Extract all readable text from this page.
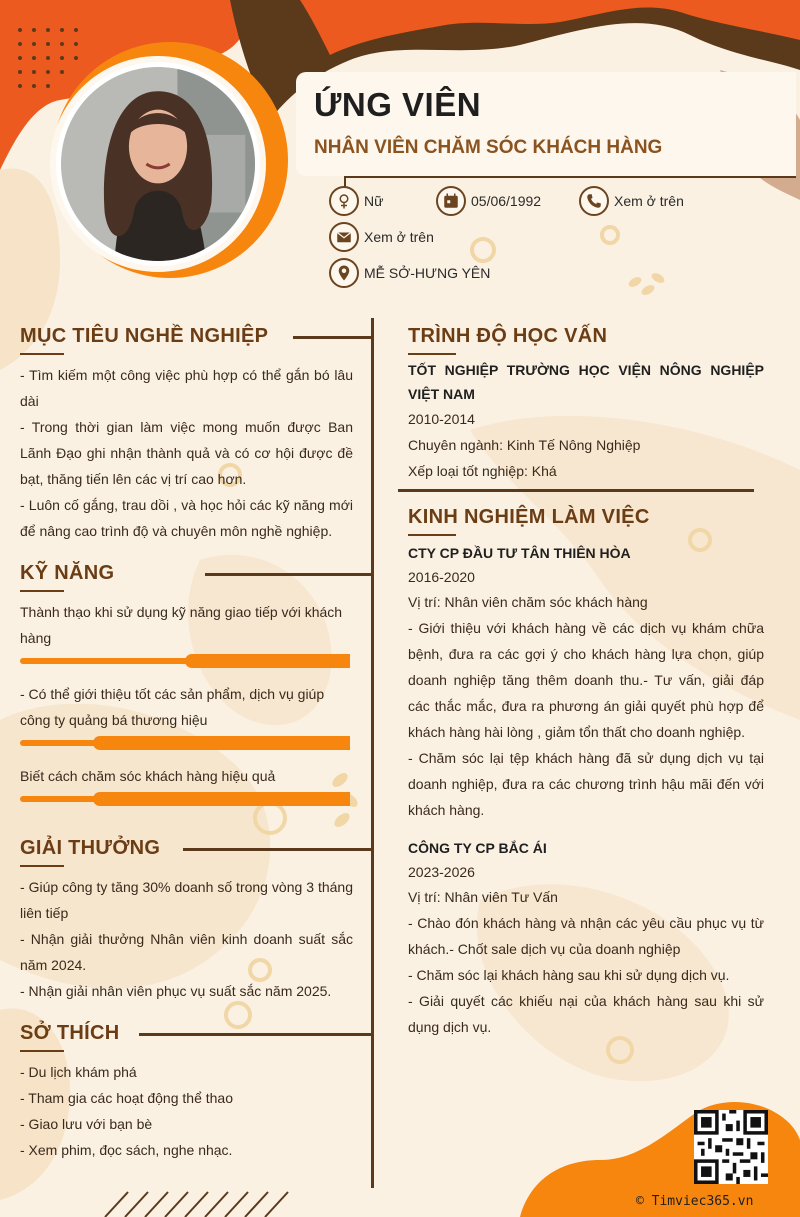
ỨNG VIÊN
NHÂN VIÊN CHĂM SÓC KHÁCH HÀNG
Nữ	05/06/1992	Xem ở trên
Xem ở trên
MỄ SỞ-HƯNG YÊN
MỤC TIÊU NGHỀ NGHIỆP

- Tìm kiếm một công việc phù hợp có thể gắn bó lâu dài

- Trong thời gian làm việc mong muốn được Ban Lãnh Đạo ghi nhận thành quả và có cơ hội được đề bạt, thăng tiến lên các vị trí cao hơn.

- Luôn cố gắng, trau dồi , và học hỏi các kỹ năng mới để nâng cao trình độ và chuyên môn nghề nghiệp.

KỸ NĂNG
Thành thạo khi sử dụng kỹ năng giao tiếp với khách hàng
- Có thể giới thiệu tốt các sản phẩm, dịch vụ giúp công ty quảng bá thương hiệu
Biết cách chăm sóc khách hàng hiệu quả
GIẢI THƯỞNG

- Giúp công ty tăng 30% doanh số trong vòng 3 tháng liên tiếp

- Nhận giải thưởng Nhân viên kinh doanh suất sắc năm 2024.

- Nhận giải nhân viên phục vụ suất sắc năm 2025.

SỞ THÍCH

- Du lịch khám phá

- Tham gia các hoạt động thể thao

- Giao lưu với bạn bè

- Xem phim, đọc sách, nghe nhạc.

TRÌNH ĐỘ HỌC VẤN

TỐT NGHIỆP TRƯỜNG HỌC VIỆN NÔNG NGHIỆP VIỆT NAM

2010-2014

Chuyên ngành: Kinh Tế Nông Nghiệp

Xếp loại tốt nghiệp: Khá

KINH NGHIỆM LÀM VIỆC

CTY CP ĐẦU TƯ TÂN THIÊN HÒA

2016-2020

Vị trí: Nhân viên chăm sóc khách hàng

- Giới thiệu với khách hàng về các dịch vụ khám chữa bệnh, đưa ra các gợi ý cho khách hàng lựa chọn, giúp doanh nghiệp tăng thêm doanh thu.- Tư vấn, giải đáp các thắc mắc, đưa ra phương án giải quyết phù hợp để khách hàng hài lòng , giảm tổn thất cho doanh nghiệp.

- Chăm sóc lại tệp khách hàng đã sử dụng dịch vụ tại doanh nghiệp, đưa ra các chương trình hậu mãi đến với khách hàng.

CÔNG TY CP BẮC ÁI

2023-2026

Vị trí: Nhân viên Tư Vấn

- Chào đón khách hàng và nhận các yêu cầu phục vụ từ khách.- Chốt sale dịch vụ của doanh nghiệp

- Chăm sóc lại khách hàng sau khi sử dụng dịch vụ.

- Giải quyết các khiếu nại của khách hàng sau khi sử dụng dịch vụ.

© Timviec365.vn
